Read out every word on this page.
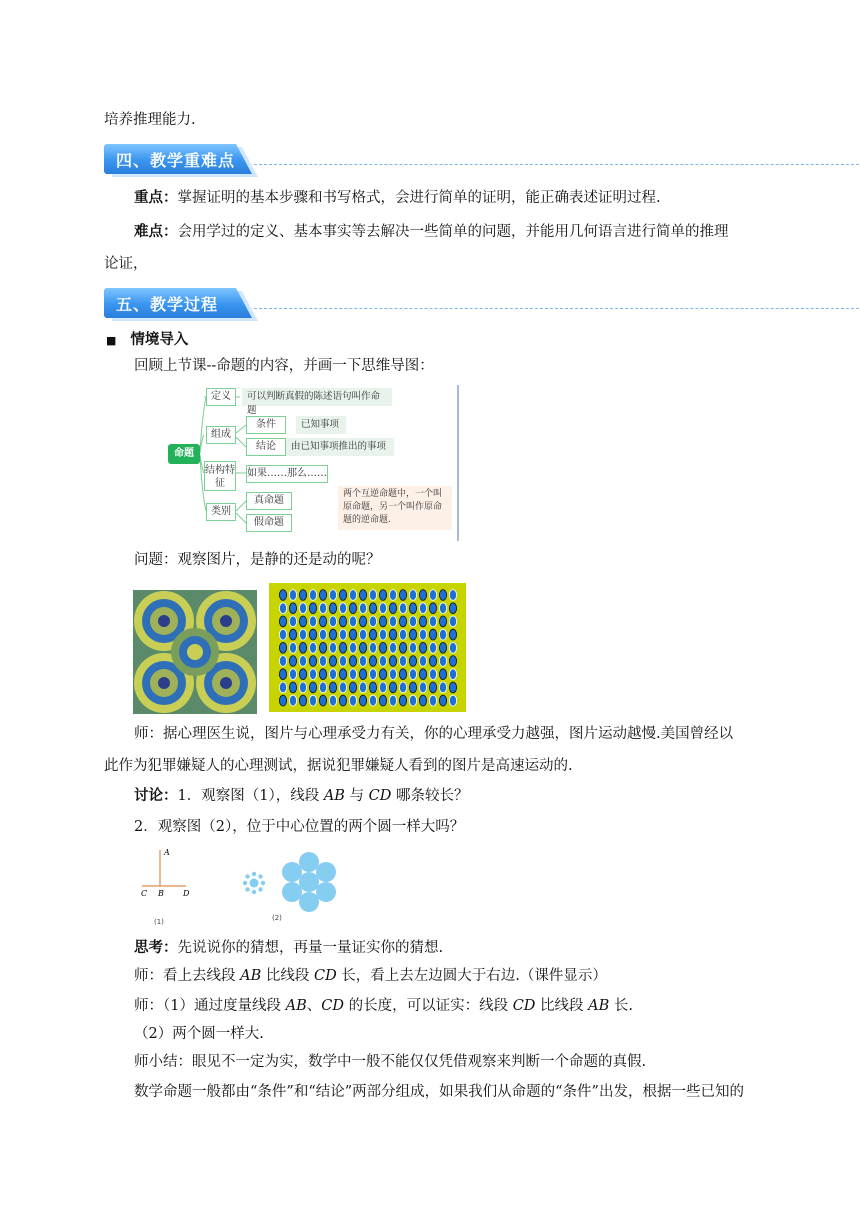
培养推理能力.
四、教学重难点
重点：掌握证明的基本步骤和书写格式，会进行简单的证明，能正确表述证明过程.
难点：会用学过的定义、基本事实等去解决一些简单的问题，并能用几何语言进行简单的推理
论证，
五、教学过程
■ 情境导入
回顾上节课--命题的内容，并画一下思维导图：
命题
定义	可以判断真假的陈述语句叫作命题
组成
条件	已知事项
结论	由已知事项推出的事项
结构特征
如果……那么……
类别
真命题
假命题
两个互逆命题中，一个叫原命题，另一个叫作原命题的逆命题.
问题：观察图片，是静的还是动的呢？
师：据心理医生说，图片与心理承受力有关，你的心理承受力越强，图片运动越慢.美国曾经以
此作为犯罪嫌疑人的心理测试，据说犯罪嫌疑人看到的图片是高速运动的.
讨论：1．观察图（1），线段 AB 与 CD 哪条较长？
2．观察图（2），位于中心位置的两个圆一样大吗？
A
C B D
(1)	(2)
思考：先说说你的猜想，再量一量证实你的猜想.
师：看上去线段 AB 比线段 CD 长，看上去左边圆大于右边.（课件显示）
师：（1）通过度量线段 AB、CD 的长度，可以证实：线段 CD 比线段 AB 长.
（2）两个圆一样大.
师小结：眼见不一定为实，数学中一般不能仅仅凭借观察来判断一个命题的真假.
数学命题一般都由“条件”和“结论”两部分组成，如果我们从命题的“条件”出发，根据一些已知的
